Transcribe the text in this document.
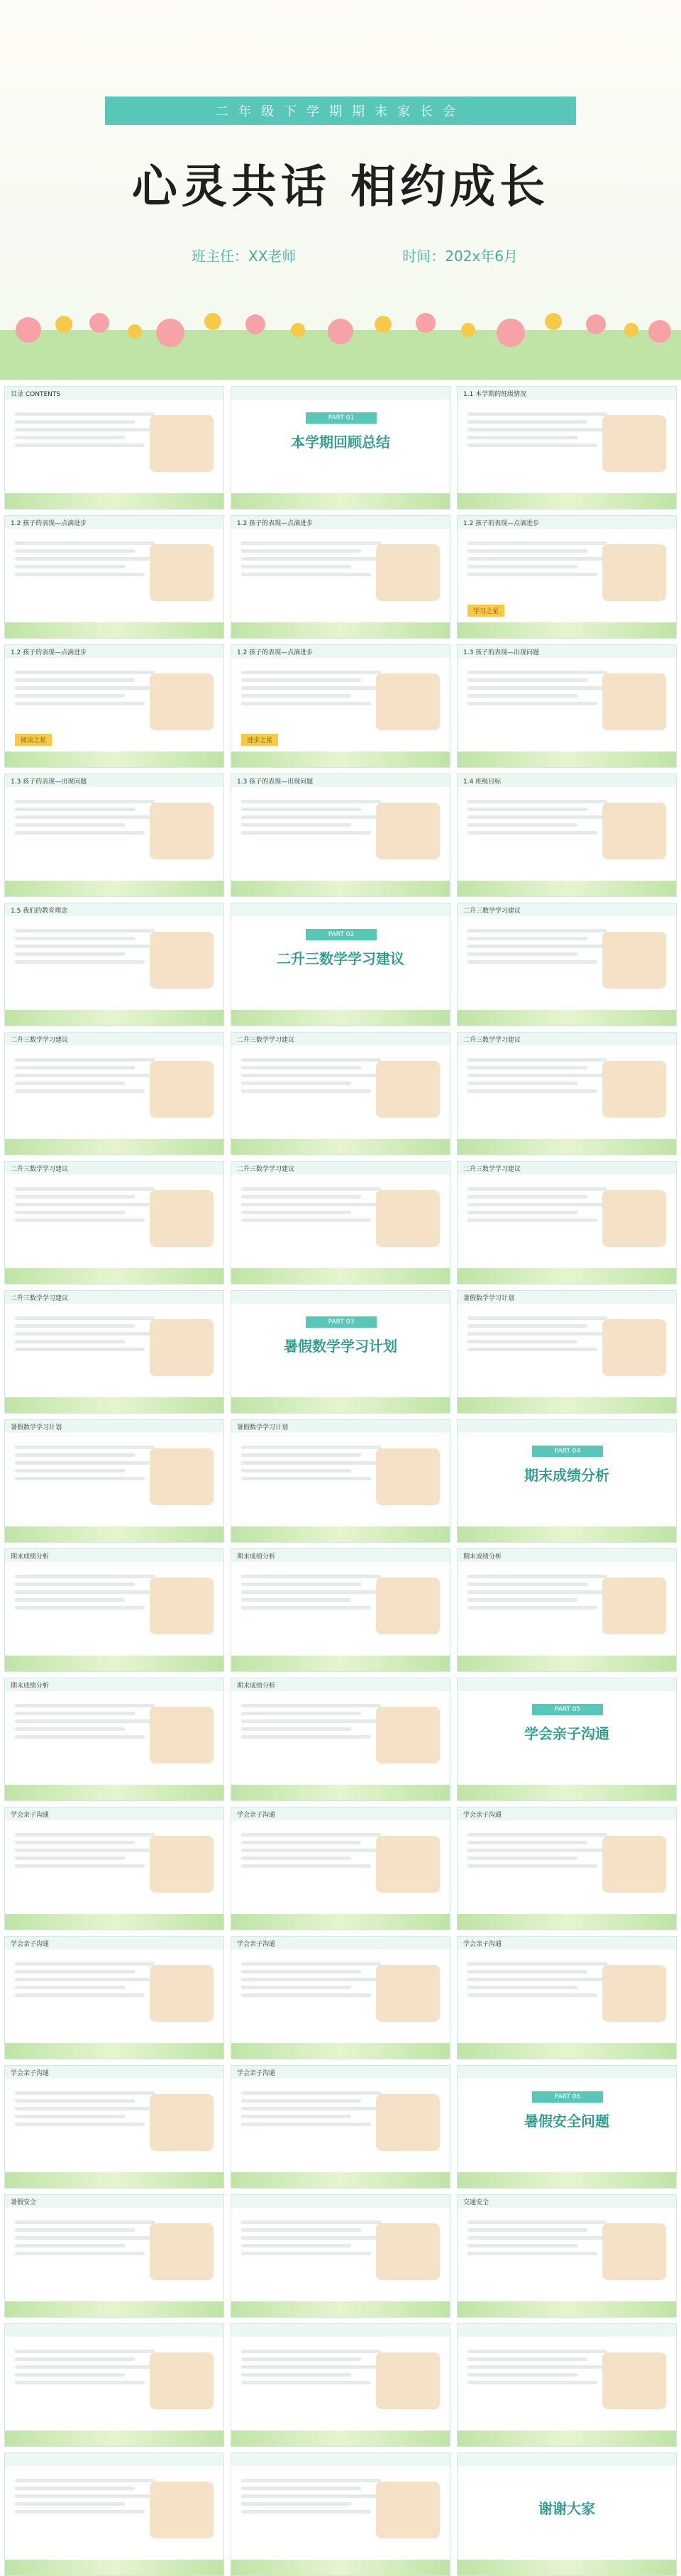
二年级下学期期末家长会
心灵共话 相约成长
班主任：XX老师	时间：202x年6月
目录 CONTENTS
PART 01
本学期回顾总结
1.1 本学期的班级情况
1.2 孩子的表现—点滴进步	1.2 孩子的表现—点滴进步	1.2 孩子的表现—点滴进步
学习之星
1.2 孩子的表现—点滴进步
阅读之星
1.2 孩子的表现—点滴进步
进步之星
1.3 孩子的表现—出现问题
1.3 孩子的表现—出现问题	1.3 孩子的表现—出现问题	1.4 班级目标
1.5 我们的教育理念
PART 02
二升三数学学习建议
二升三数学学习建议
二升三数学学习建议	二升三数学学习建议	二升三数学学习建议
二升三数学学习建议	二升三数学学习建议	二升三数学学习建议
二升三数学学习建议
PART 03
暑假数学学习计划
暑假数学学习计划
暑假数学学习计划	暑假数学学习计划
PART 04
期末成绩分析
期末成绩分析	期末成绩分析	期末成绩分析
期末成绩分析	期末成绩分析
PART 05
学会亲子沟通
学会亲子沟通	学会亲子沟通	学会亲子沟通
学会亲子沟通	学会亲子沟通	学会亲子沟通
学会亲子沟通	学会亲子沟通
PART 06
暑假安全问题
暑假安全	交通安全
谢谢大家
